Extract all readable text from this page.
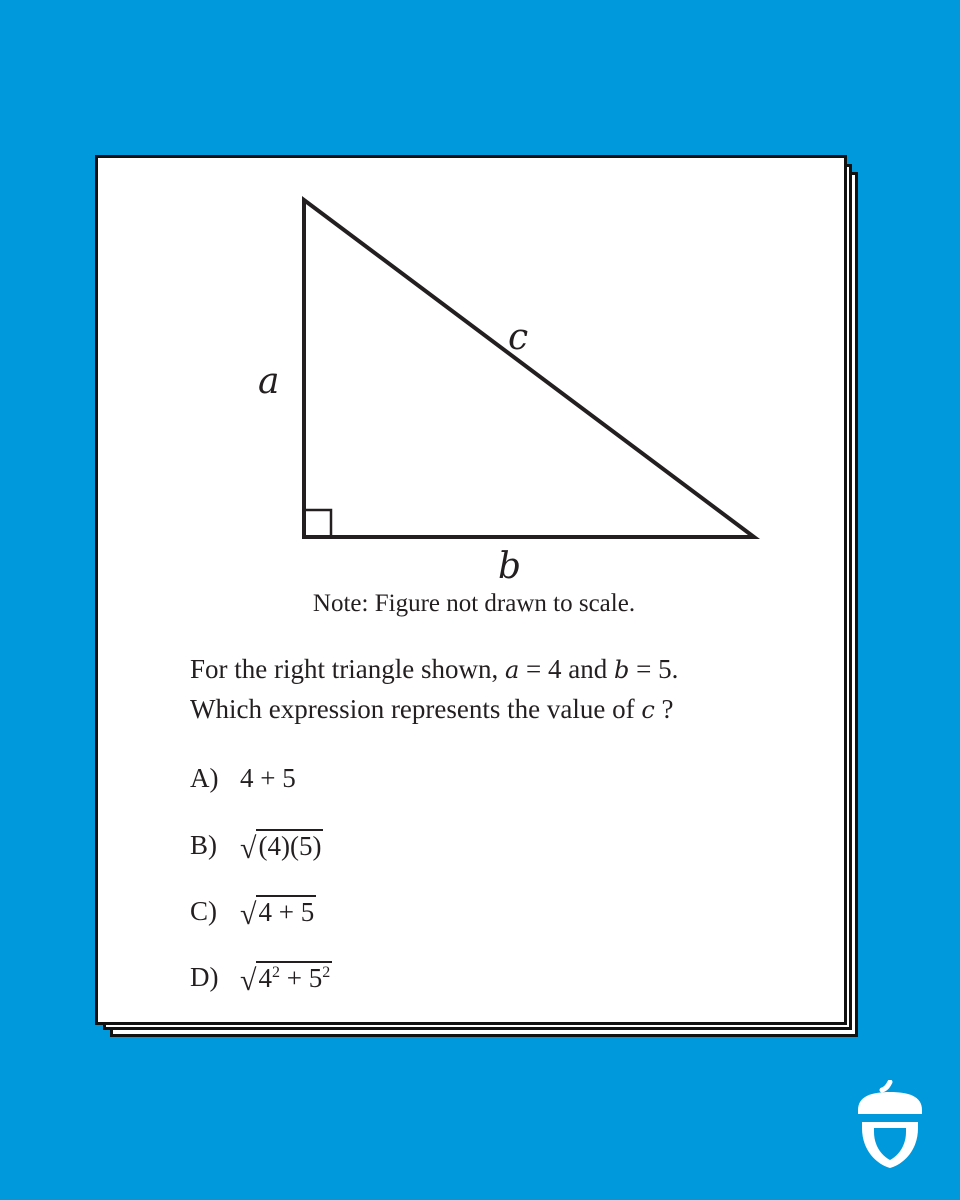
a
c
b
Note: Figure not drawn to scale.
For the right triangle shown, a = 4 and b = 5.
Which expression represents the value of c ?
A) 4 + 5
B) √ (4)(5)
C) √ 4 + 5
D) √ $4^2 + 5^2$
